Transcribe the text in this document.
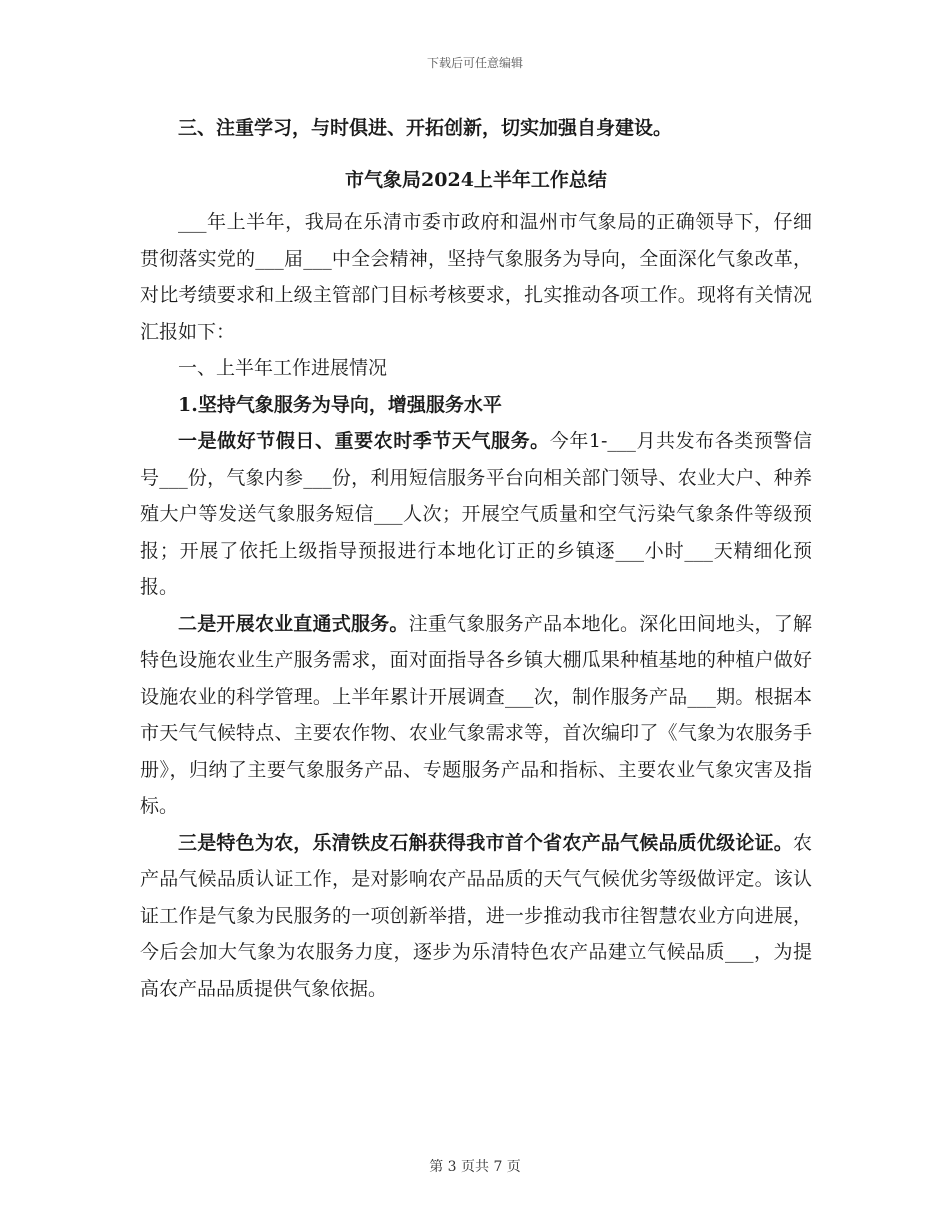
下载后可任意编辑

三、注重学习，与时俱进、开拓创新，切实加强自身建设。

市气象局2024上半年工作总结

___年上半年，我局在乐清市委市政府和温州市气象局的正确领导下，仔细贯彻落实党的___届___中全会精神，坚持气象服务为导向，全面深化气象改革，对比考绩要求和上级主管部门目标考核要求，扎实推动各项工作。现将有关情况汇报如下：

一、上半年工作进展情况

1.坚持气象服务为导向，增强服务水平

一是做好节假日、重要农时季节天气服务。今年1-___月共发布各类预警信号___份，气象内参___份，利用短信服务平台向相关部门领导、农业大户、种养殖大户等发送气象服务短信___人次；开展空气质量和空气污染气象条件等级预报；开展了依托上级指导预报进行本地化订正的乡镇逐___小时___天精细化预报。

二是开展农业直通式服务。注重气象服务产品本地化。深化田间地头，了解特色设施农业生产服务需求，面对面指导各乡镇大棚瓜果种植基地的种植户做好设施农业的科学管理。上半年累计开展调查___次，制作服务产品___期。根据本市天气气候特点、主要农作物、农业气象需求等，首次编印了《气象为农服务手册》，归纳了主要气象服务产品、专题服务产品和指标、主要农业气象灾害及指标。

三是特色为农，乐清铁皮石斛获得我市首个省农产品气候品质优级论证。农产品气候品质认证工作，是对影响农产品品质的天气气候优劣等级做评定。该认证工作是气象为民服务的一项创新举措，进一步推动我市往智慧农业方向进展，今后会加大气象为农服务力度，逐步为乐清特色农产品建立气候品质___，为提高农产品品质提供气象依据。

第 3 页共 7 页
